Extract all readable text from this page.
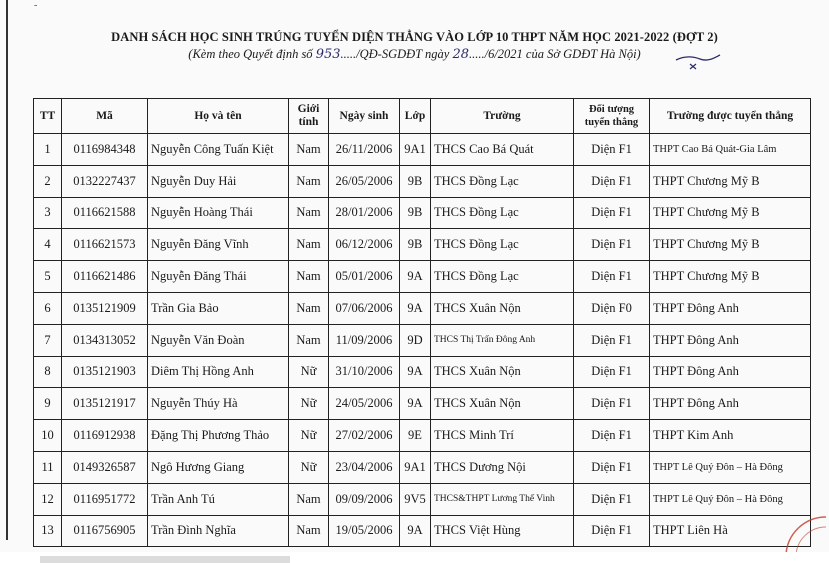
-
DANH SÁCH HỌC SINH TRÚNG TUYỂN DIỆN THẲNG VÀO LỚP 10 THPT NĂM HỌC 2021-2022 (ĐỢT 2)
(Kèm theo Quyết định số 953...../QĐ-SGDĐT ngày 28...../6/2021 của Sở GDĐT Hà Nội)
TT	Mã	Họ và tên	Giới tính	Ngày sinh	Lớp	Trường	Đối tượng tuyển thẳng	Trường được tuyển thẳng
1	0116984348	Nguyễn Công Tuấn Kiệt	Nam	26/11/2006	9A1	THCS Cao Bá Quát	Diện F1	THPT Cao Bá Quát-Gia Lâm
2	0132227437	Nguyễn Duy Hải	Nam	26/05/2006	9B	THCS Đồng Lạc	Diện F1	THPT Chương Mỹ B
3	0116621588	Nguyễn Hoàng Thái	Nam	28/01/2006	9B	THCS Đồng Lạc	Diện F1	THPT Chương Mỹ B
4	0116621573	Nguyễn Đăng Vĩnh	Nam	06/12/2006	9B	THCS Đồng Lạc	Diện F1	THPT Chương Mỹ B
5	0116621486	Nguyễn Đăng Thái	Nam	05/01/2006	9A	THCS Đồng Lạc	Diện F1	THPT Chương Mỹ B
6	0135121909	Trần Gia Bảo	Nam	07/06/2006	9A	THCS Xuân Nộn	Diện F0	THPT Đông Anh
7	0134313052	Nguyễn Văn Đoàn	Nam	11/09/2006	9D	THCS Thị Trấn Đông Anh	Diện F1	THPT Đông Anh
8	0135121903	Diêm Thị Hồng Anh	Nữ	31/10/2006	9A	THCS Xuân Nộn	Diện F1	THPT Đông Anh
9	0135121917	Nguyễn Thúy Hà	Nữ	24/05/2006	9A	THCS Xuân Nộn	Diện F1	THPT Đông Anh
10	0116912938	Đặng Thị Phương Thảo	Nữ	27/02/2006	9E	THCS Minh Trí	Diện F1	THPT Kim Anh
11	0149326587	Ngô Hương Giang	Nữ	23/04/2006	9A1	THCS Dương Nội	Diện F1	THPT Lê Quý Đôn – Hà Đông
12	0116951772	Trần Anh Tú	Nam	09/09/2006	9V5	THCS&THPT Lương Thế Vinh	Diện F1	THPT Lê Quý Đôn – Hà Đông
13	0116756905	Trần Đình Nghĩa	Nam	19/05/2006	9A	THCS Việt Hùng	Diện F1	THPT Liên Hà
